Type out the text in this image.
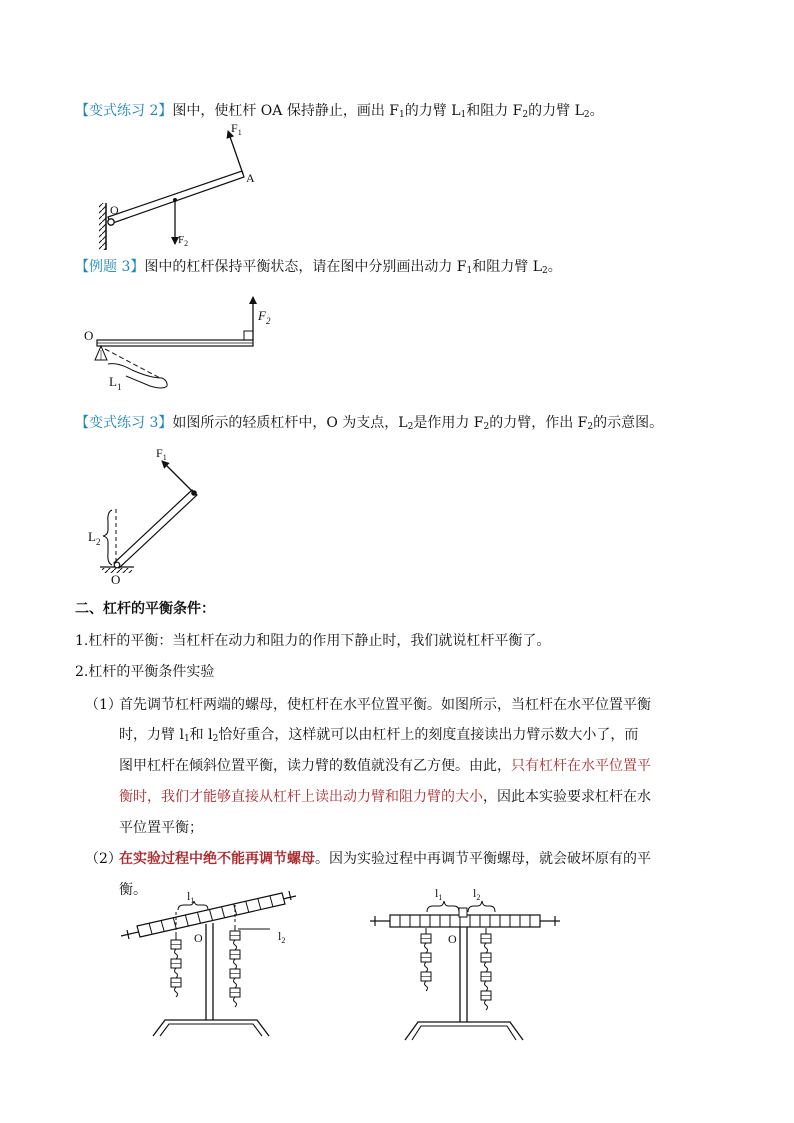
【变式练习 2】图中，使杠杆 OA 保持静止，画出 $F_1$的力臂 $L_1$和阻力 $F_2$的力臂 $L_2$。
【例题 3】图中的杠杆保持平衡状态，请在图中分别画出动力 $F_1$和阻力臂 $L_2$。
【变式练习 3】如图所示的轻质杠杆中，O 为支点，$L_2$是作用力 $F_2$的力臂，作出 $F_2$的示意图。
二、杠杆的平衡条件：
1.杠杆的平衡：当杠杆在动力和阻力的作用下静止时，我们就说杠杆平衡了。
2.杠杆的平衡条件实验
（1）
首先调节杠杆两端的螺母，使杠杆在水平位置平衡。如图所示，当杠杆在水平位置平衡
时，力臂 $l_1$和 $l_2$恰好重合，这样就可以由杠杆上的刻度直接读出力臂示数大小了，而
图甲杠杆在倾斜位置平衡，读力臂的数值就没有乙方便。由此，只有杠杆在水平位置平
衡时，我们才能够直接从杠杆上读出动力臂和阻力臂的大小，因此本实验要求杠杆在水
平位置平衡；
（2）
在实验过程中绝不能再调节螺母。因为实验过程中再调节平衡螺母，就会破坏原有的平
衡。
$F_1$
A
O
$F_2$
O
$F_2$
$L_1$
$F_1$
$L_2$
O
$l_1$
$l_2$
O
$l_1$	$l_2$
O
